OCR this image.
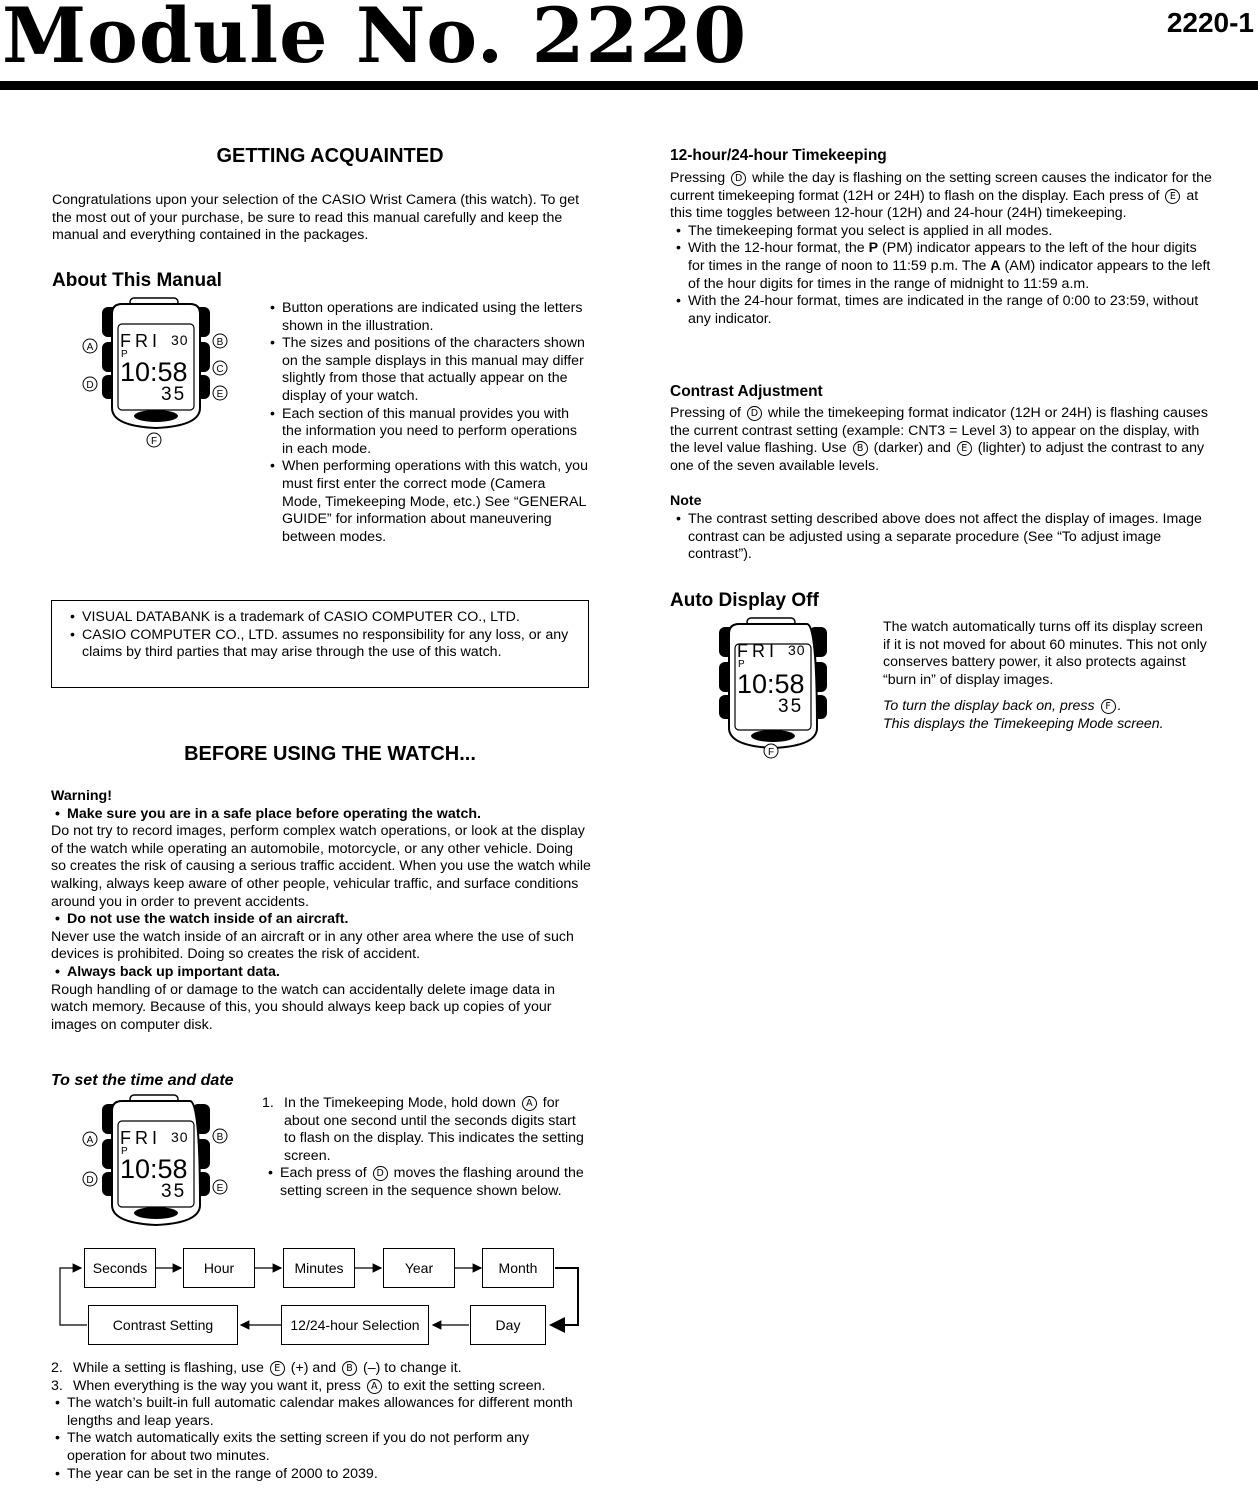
Module No. 2220	2220-1
GETTING ACQUAINTED

Congratulations upon your selection of the CASIO Wrist Camera (this watch). To get the most out of your purchase, be sure to read this manual carefully and keep the manual and everything contained in the packages.

About This Manual
FRI 30
P
10:58
35
A
D
B
C
E
F
• Button operations are indicated using the letters shown in the illustration.
• The sizes and positions of the characters shown on the sample displays in this manual may differ slightly from those that actually appear on the display of your watch.
• Each section of this manual provides you with the information you need to perform operations in each mode.
• When performing operations with this watch, you must first enter the correct mode (Camera Mode, Timekeeping Mode, etc.) See “GENERAL GUIDE” for information about maneuvering between modes.
• VISUAL DATABANK is a trademark of CASIO COMPUTER CO., LTD.
• CASIO COMPUTER CO., LTD. assumes no responsibility for any loss, or any claims by third parties that may arise through the use of this watch.
BEFORE USING THE WATCH...

Warning!

• Make sure you are in a safe place before operating the watch.

Do not try to record images, perform complex watch operations, or look at the display of the watch while operating an automobile, motorcycle, or any other vehicle. Doing so creates the risk of causing a serious traffic accident. When you use the watch while walking, always keep aware of other people, vehicular traffic, and surface conditions around you in order to prevent accidents.

• Do not use the watch inside of an aircraft.

Never use the watch inside of an aircraft or in any other area where the use of such devices is prohibited. Doing so creates the risk of accident.

• Always back up important data.

Rough handling of or damage to the watch can accidentally delete image data in watch memory. Because of this, you should always keep back up copies of your images on computer disk.

To set the time and date
FRI 30
P
10:58
35
A
D
B
E
1. In the Timekeeping Mode, hold down A for about one second until the seconds digits start to flash on the display. This indicates the setting screen.
• Each press of D moves the flashing around the setting screen in the sequence shown below.
Seconds	Hour	Minutes	Year	Month
Contrast Setting	12/24-hour Selection	Day
2. While a setting is flashing, use E (+) and B (–) to change it.
3. When everything is the way you want it, press A to exit the setting screen.
• The watch’s built-in full automatic calendar makes allowances for different month lengths and leap years.
• The watch automatically exits the setting screen if you do not perform any operation for about two minutes.
• The year can be set in the range of 2000 to 2039.
12-hour/24-hour Timekeeping

Pressing D while the day is flashing on the setting screen causes the indicator for the current timekeeping format (12H or 24H) to flash on the display. Each press of E at this time toggles between 12-hour (12H) and 24-hour (24H) timekeeping.

• The timekeeping format you select is applied in all modes.
• With the 12-hour format, the P (PM) indicator appears to the left of the hour digits for times in the range of noon to 11:59 p.m. The A (AM) indicator appears to the left of the hour digits for times in the range of midnight to 11:59 a.m.
• With the 24-hour format, times are indicated in the range of 0:00 to 23:59, without any indicator.
Contrast Adjustment

Pressing of D while the timekeeping format indicator (12H or 24H) is flashing causes the current contrast setting (example: CNT3 = Level 3) to appear on the display, with the level value flashing. Use B (darker) and E (lighter) to adjust the contrast to any one of the seven available levels.

Note

• The contrast setting described above does not affect the display of images. Image contrast can be adjusted using a separate procedure (See “To adjust image contrast”).
Auto Display Off
FRI 30
P
10:58
35
F

The watch automatically turns off its display screen if it is not moved for about 60 minutes. This not only conserves battery power, it also protects against “burn in” of display images.

To turn the display back on, press F .
This displays the Timekeeping Mode screen.
